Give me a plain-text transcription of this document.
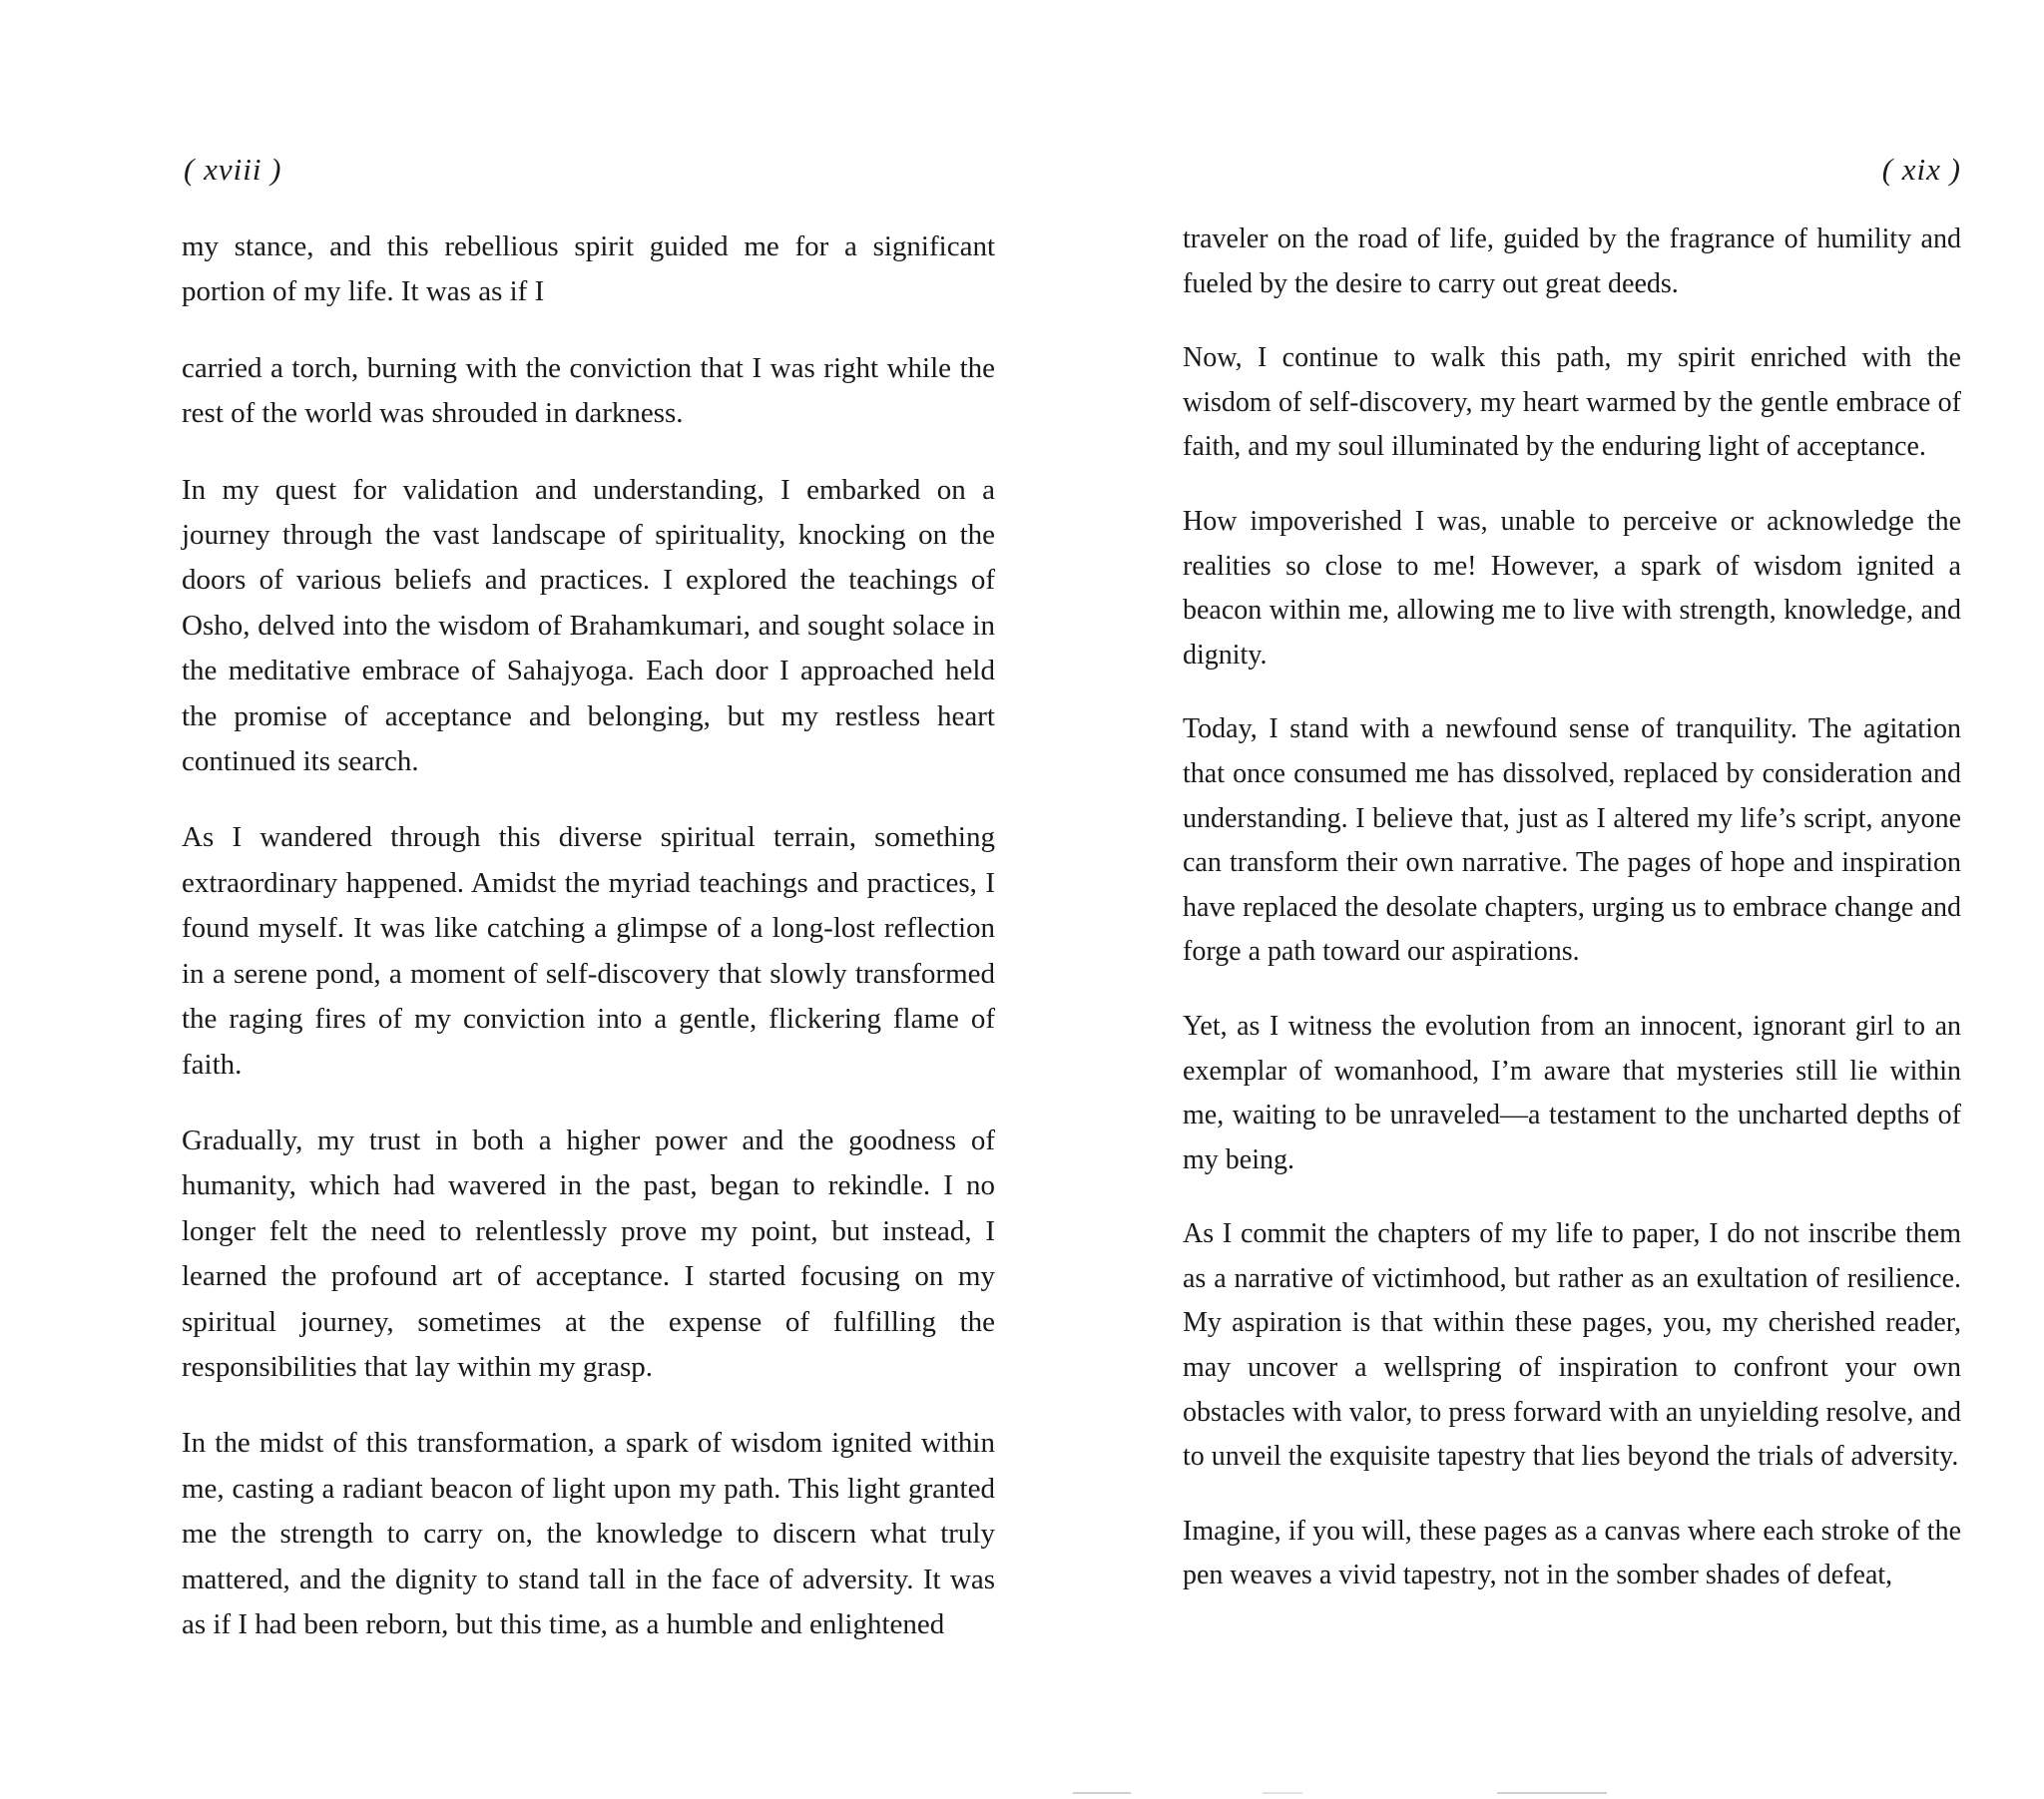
( xviii )

my stance, and this rebellious spirit guided me for a significant portion of my life. It was as if I

carried a torch, burning with the conviction that I was right while the rest of the world was shrouded in darkness.

In my quest for validation and understanding, I embarked on a journey through the vast landscape of spirituality, knocking on the doors of various beliefs and practices. I explored the teachings of Osho, delved into the wisdom of Brahamkumari, and sought solace in the meditative embrace of Sahajyoga. Each door I approached held the promise of acceptance and belonging, but my restless heart continued its search.

As I wandered through this diverse spiritual terrain, something extraordinary happened. Amidst the myriad teachings and practices, I found myself. It was like catching a glimpse of a long-lost reflection in a serene pond, a moment of self-discovery that slowly transformed the raging fires of my conviction into a gentle, flickering flame of faith.

Gradually, my trust in both a higher power and the goodness of humanity, which had wavered in the past, began to rekindle. I no longer felt the need to relentlessly prove my point, but instead, I learned the profound art of acceptance. I started focusing on my spiritual journey, sometimes at the expense of fulfilling the responsibilities that lay within my grasp.

In the midst of this transformation, a spark of wisdom ignited within me, casting a radiant beacon of light upon my path. This light granted me the strength to carry on, the knowledge to discern what truly mattered, and the dignity to stand tall in the face of adversity. It was as if I had been reborn, but this time, as a humble and enlightened

( xix )

traveler on the road of life, guided by the fragrance of humility and fueled by the desire to carry out great deeds.

Now, I continue to walk this path, my spirit enriched with the wisdom of self-discovery, my heart warmed by the gentle embrace of faith, and my soul illuminated by the enduring light of acceptance.

How impoverished I was, unable to perceive or acknowledge the realities so close to me! However, a spark of wisdom ignited a beacon within me, allowing me to live with strength, knowledge, and dignity.

Today, I stand with a newfound sense of tranquility. The agitation that once consumed me has dissolved, replaced by consideration and understanding. I believe that, just as I altered my life’s script, anyone can transform their own narrative. The pages of hope and inspiration have replaced the desolate chapters, urging us to embrace change and forge a path toward our aspirations.

Yet, as I witness the evolution from an innocent, ignorant girl to an exemplar of womanhood, I’m aware that mysteries still lie within me, waiting to be unraveled—a testament to the uncharted depths of my being.

As I commit the chapters of my life to paper, I do not inscribe them as a narrative of victimhood, but rather as an exultation of resilience. My aspiration is that within these pages, you, my cherished reader, may uncover a wellspring of inspiration to confront your own obstacles with valor, to press forward with an unyielding resolve, and to unveil the exquisite tapestry that lies beyond the trials of adversity.

Imagine, if you will, these pages as a canvas where each stroke of the pen weaves a vivid tapestry, not in the somber shades of defeat,
